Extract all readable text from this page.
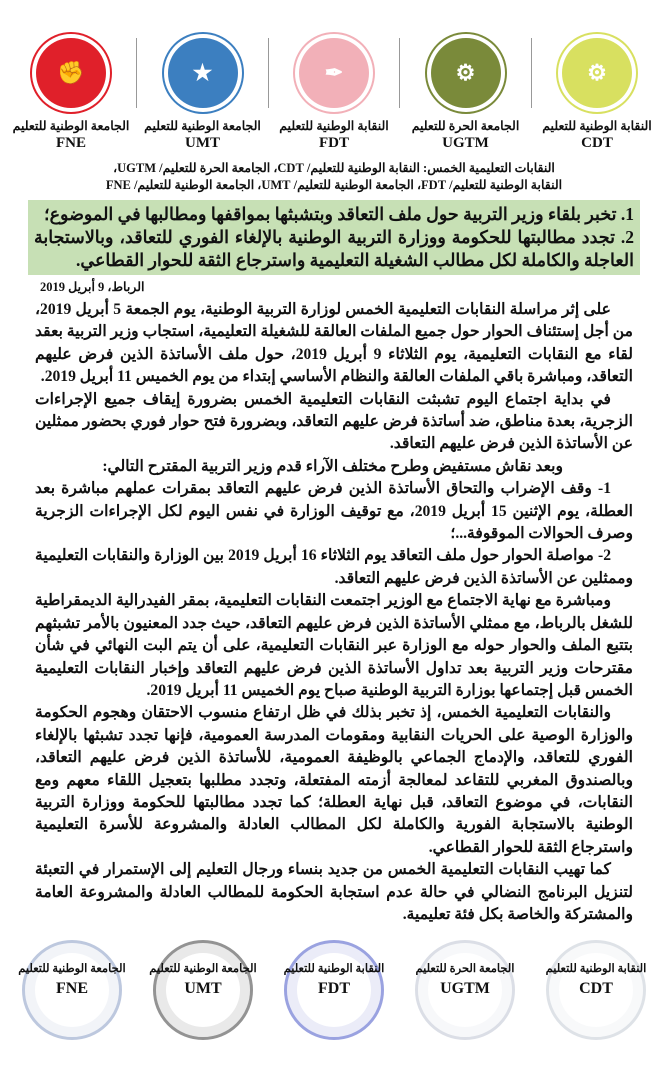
✊
الجامعة الوطنية للتعليم
FNE
★
الجامعة الوطنية للتعليم
UMT
✒
النقابة الوطنية للتعليم
FDT
⚙
الجامعة الحرة للتعليم
UGTM
⚙
النقابة الوطنية للتعليم
CDT
النقابات التعليمية الخمس: النقابة الوطنية للتعليم/ CDT، الجامعة الحرة للتعليم/ UGTM،
النقابة الوطنية للتعليم/ FDT، الجامعة الوطنية للتعليم/ UMT، الجامعة الوطنية للتعليم/ FNE
1. تخبر بلقاء وزير التربية حول ملف التعاقد وبتشبثها بمواقفها ومطالبها في الموضوع؛
2. تجدد مطالبتها للحكومة ووزارة التربية الوطنية بالإلغاء الفوري للتعاقد، وبالاستجابة العاجلة والكاملة لكل مطالب الشغيلة التعليمية واسترجاع الثقة للحوار القطاعي.
الرباط، 9 أبريل 2019

على إثر مراسلة النقابات التعليمية الخمس لوزارة التربية الوطنية، يوم الجمعة 5 أبريل 2019، من أجل إستئناف الحوار حول جميع الملفات العالقة للشغيلة التعليمية، استجاب وزير التربية بعقد لقاء مع النقابات التعليمية، يوم الثلاثاء 9 أبريل 2019، حول ملف الأساتذة الذين فرض عليهم التعاقد، ومباشرة باقي الملفات العالقة والنظام الأساسي إبتداء من يوم الخميس 11 أبريل 2019.

في بداية اجتماع اليوم تشبثت النقابات التعليمية الخمس بضرورة إيقاف جميع الإجراءات الزجرية، بعدة مناطق، ضد أساتذة فرض عليهم التعاقد، وبضرورة فتح حوار فوري بحضور ممثلين عن الأساتذة الذين فرض عليهم التعاقد.

وبعد نقاش مستفيض وطرح مختلف الآراء قدم وزير التربية المقترح التالي:

1- وقف الإضراب والتحاق الأساتذة الذين فرض عليهم التعاقد بمقرات عملهم مباشرة بعد العطلة، يوم الإثنين 15 أبريل 2019، مع توقيف الوزارة في نفس اليوم لكل الإجراءات الزجرية وصرف الحوالات الموقوفة...؛

2- مواصلة الحوار حول ملف التعاقد يوم الثلاثاء 16 أبريل 2019 بين الوزارة والنقابات التعليمية وممثلين عن الأساتذة الذين فرض عليهم التعاقد.

ومباشرة مع نهاية الاجتماع مع الوزير اجتمعت النقابات التعليمية، بمقر الفيدرالية الديمقراطية للشغل بالرباط، مع ممثلي الأساتذة الذين فرض عليهم التعاقد، حيث جدد المعنيون بالأمر تشبثهم بتتبع الملف والحوار حوله مع الوزارة عبر النقابات التعليمية، على أن يتم البت النهائي في شأن مقترحات وزير التربية بعد تداول الأساتذة الذين فرض عليهم التعاقد وإخبار النقابات التعليمية الخمس قبل إجتماعها بوزارة التربية الوطنية صباح يوم الخميس 11 أبريل 2019.

والنقابات التعليمية الخمس، إذ تخبر بذلك في ظل ارتفاع منسوب الاحتقان وهجوم الحكومة والوزارة الوصية على الحريات النقابية ومقومات المدرسة العمومية، فإنها تجدد تشبثها بالإلغاء الفوري للتعاقد، والإدماج الجماعي بالوظيفة العمومية، للأساتذة الذين فرض عليهم التعاقد، وبالصندوق المغربي للتقاعد لمعالجة أزمته المفتعلة، وتجدد مطلبها بتعجيل اللقاء معهم ومع النقابات، في موضوع التعاقد، قبل نهاية العطلة؛ كما تجدد مطالبتها للحكومة ووزارة التربية الوطنية بالاستجابة الفورية والكاملة لكل المطالب العادلة والمشروعة للأسرة التعليمية واسترجاع الثقة للحوار القطاعي.

كما تهيب النقابات التعليمية الخمس من جديد بنساء ورجال التعليم إلى الإستمرار في التعبئة لتنزيل البرنامج النضالي في حالة عدم استجابة الحكومة للمطالب العادلة والمشروعة العامة والمشتركة والخاصة بكل فئة تعليمية.

الجامعة الوطنية للتعليم
FNE
الجامعة الوطنية للتعليم
UMT
النقابة الوطنية للتعليم
FDT
الجامعة الحرة للتعليم
UGTM
النقابة الوطنية للتعليم
CDT
